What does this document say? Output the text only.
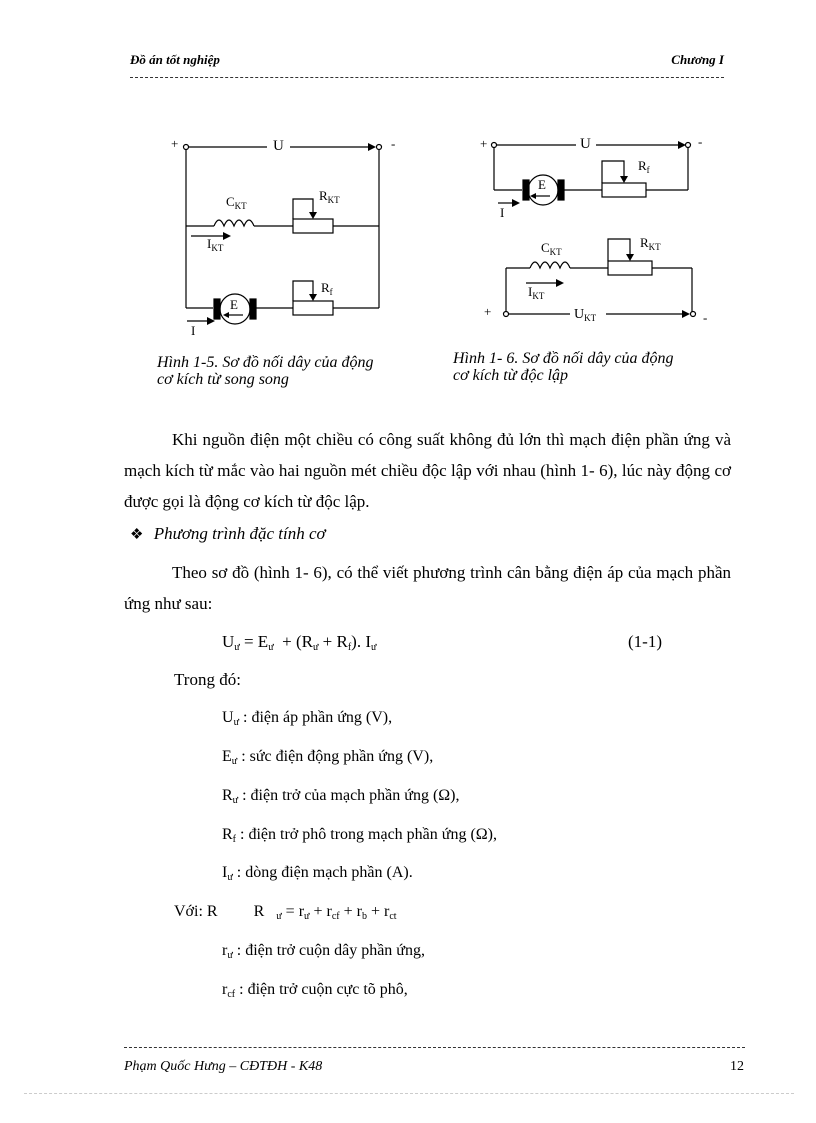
Đồ án tốt nghiệp	Chương I
+	U	-
$C_{KT}$
$R_{KT}$
$I_{KT}$
E
$R_f$
I
Hình 1-5. Sơ đồ nối dây của động
cơ kích từ song song
+	U	-
E
$R_f$
I
$C_{KT}$
$R_{KT}$
$I_{KT}$
+	$U_{KT}$	-
Hình 1- 6. Sơ đồ nối dây của động
cơ kích từ độc lập
Khi nguồn điện một chiều có công suất không đủ lớn thì mạch điện phần ứng và mạch kích từ mắc vào hai nguồn mét chiều độc lập với nhau (hình 1- 6), lúc này động cơ được gọi là động cơ kích từ độc lập.
❖ Phương trình đặc tính cơ
Theo sơ đồ (hình 1- 6), có thể viết phương trình cân bằng điện áp của mạch phần ứng như sau:
$U_ư = E_ư + (R_ư + R_f)$. $I_ư$	(1-1)
Trong đó:
$U_ư$ : điện áp phần ứng (V),
$E_ư$ : sức điện động phần ứng (V),
$R_ư$ : điện trở của mạch phần ứng (Ω),
$R_f$ : điện trở phô trong mạch phần ứng (Ω),
$I_ư$ : dòng điện mạch phần (A).
Với: R         R   $_ư = r_ư + r_{cf} + r_b + r_{ct}$
$r_ư$ : điện trở cuộn dây phần ứng,
$r_{cf}$ : điện trở cuộn cực tõ phô,
Phạm Quốc Hưng – CĐTĐH - K48	12
